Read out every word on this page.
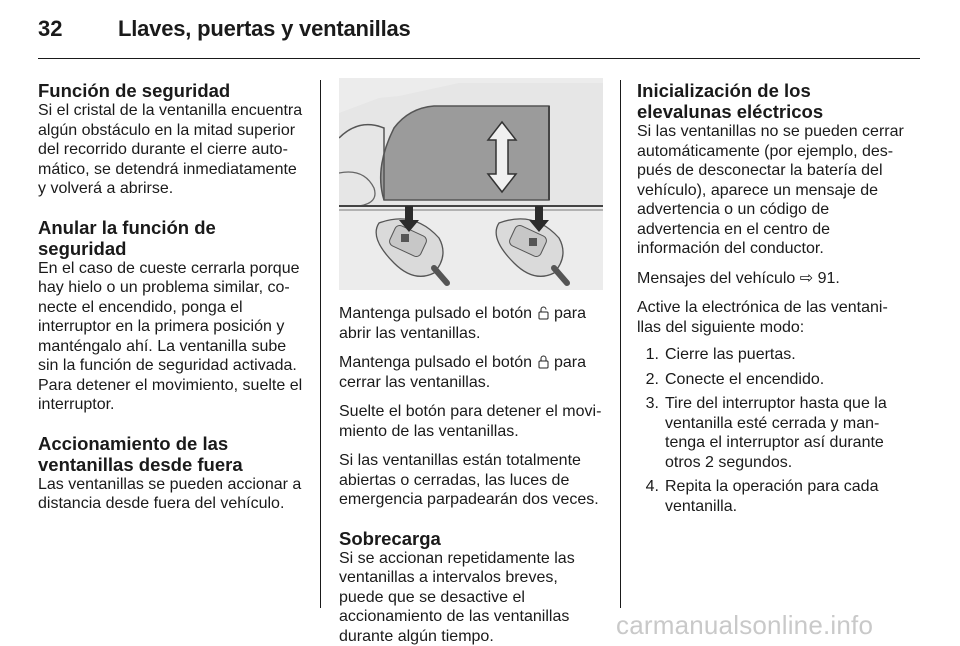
32	Llaves, puertas y ventanillas
Función de seguridad

Si el cristal de la ventanilla encuentra algún obstáculo en la mitad superior del recorrido durante el cierre automático, se detendrá inmediatamente y volverá a abrirse.

Anular la función de seguridad

En el caso de cueste cerrarla porque hay hielo o un problema similar, conecte el encendido, ponga el interruptor en la primera posición y manténgalo ahí. La ventanilla sube sin la función de seguridad activada. Para detener el movimiento, suelte el interruptor.

Accionamiento de las ventanillas desde fuera

Las ventanillas se pueden accionar a distancia desde fuera del vehículo.

Mantenga pulsado el botón para abrir las ventanillas.

Mantenga pulsado el botón para cerrar las ventanillas.

Suelte el botón para detener el movimiento de las ventanillas.

Si las ventanillas están totalmente abiertas o cerradas, las luces de emergencia parpadearán dos veces.

Sobrecarga

Si se accionan repetidamente las ventanillas a intervalos breves, puede que se desactive el accionamiento de las ventanillas durante algún tiempo.

Inicialización de los elevalunas eléctricos

Si las ventanillas no se pueden cerrar automáticamente (por ejemplo, después de desconectar la batería del vehículo), aparece un mensaje de advertencia o un código de advertencia en el centro de información del conductor.

Mensajes del vehículo ⇨ 91.

Active la electrónica de las ventanillas del siguiente modo:

1. Cierre las puertas.
2. Conecte el encendido.
3. Tire del interruptor hasta que la ventanilla esté cerrada y mantenga el interruptor así durante otros 2 segundos.
4. Repita la operación para cada ventanilla.
carmanualsonline.info
